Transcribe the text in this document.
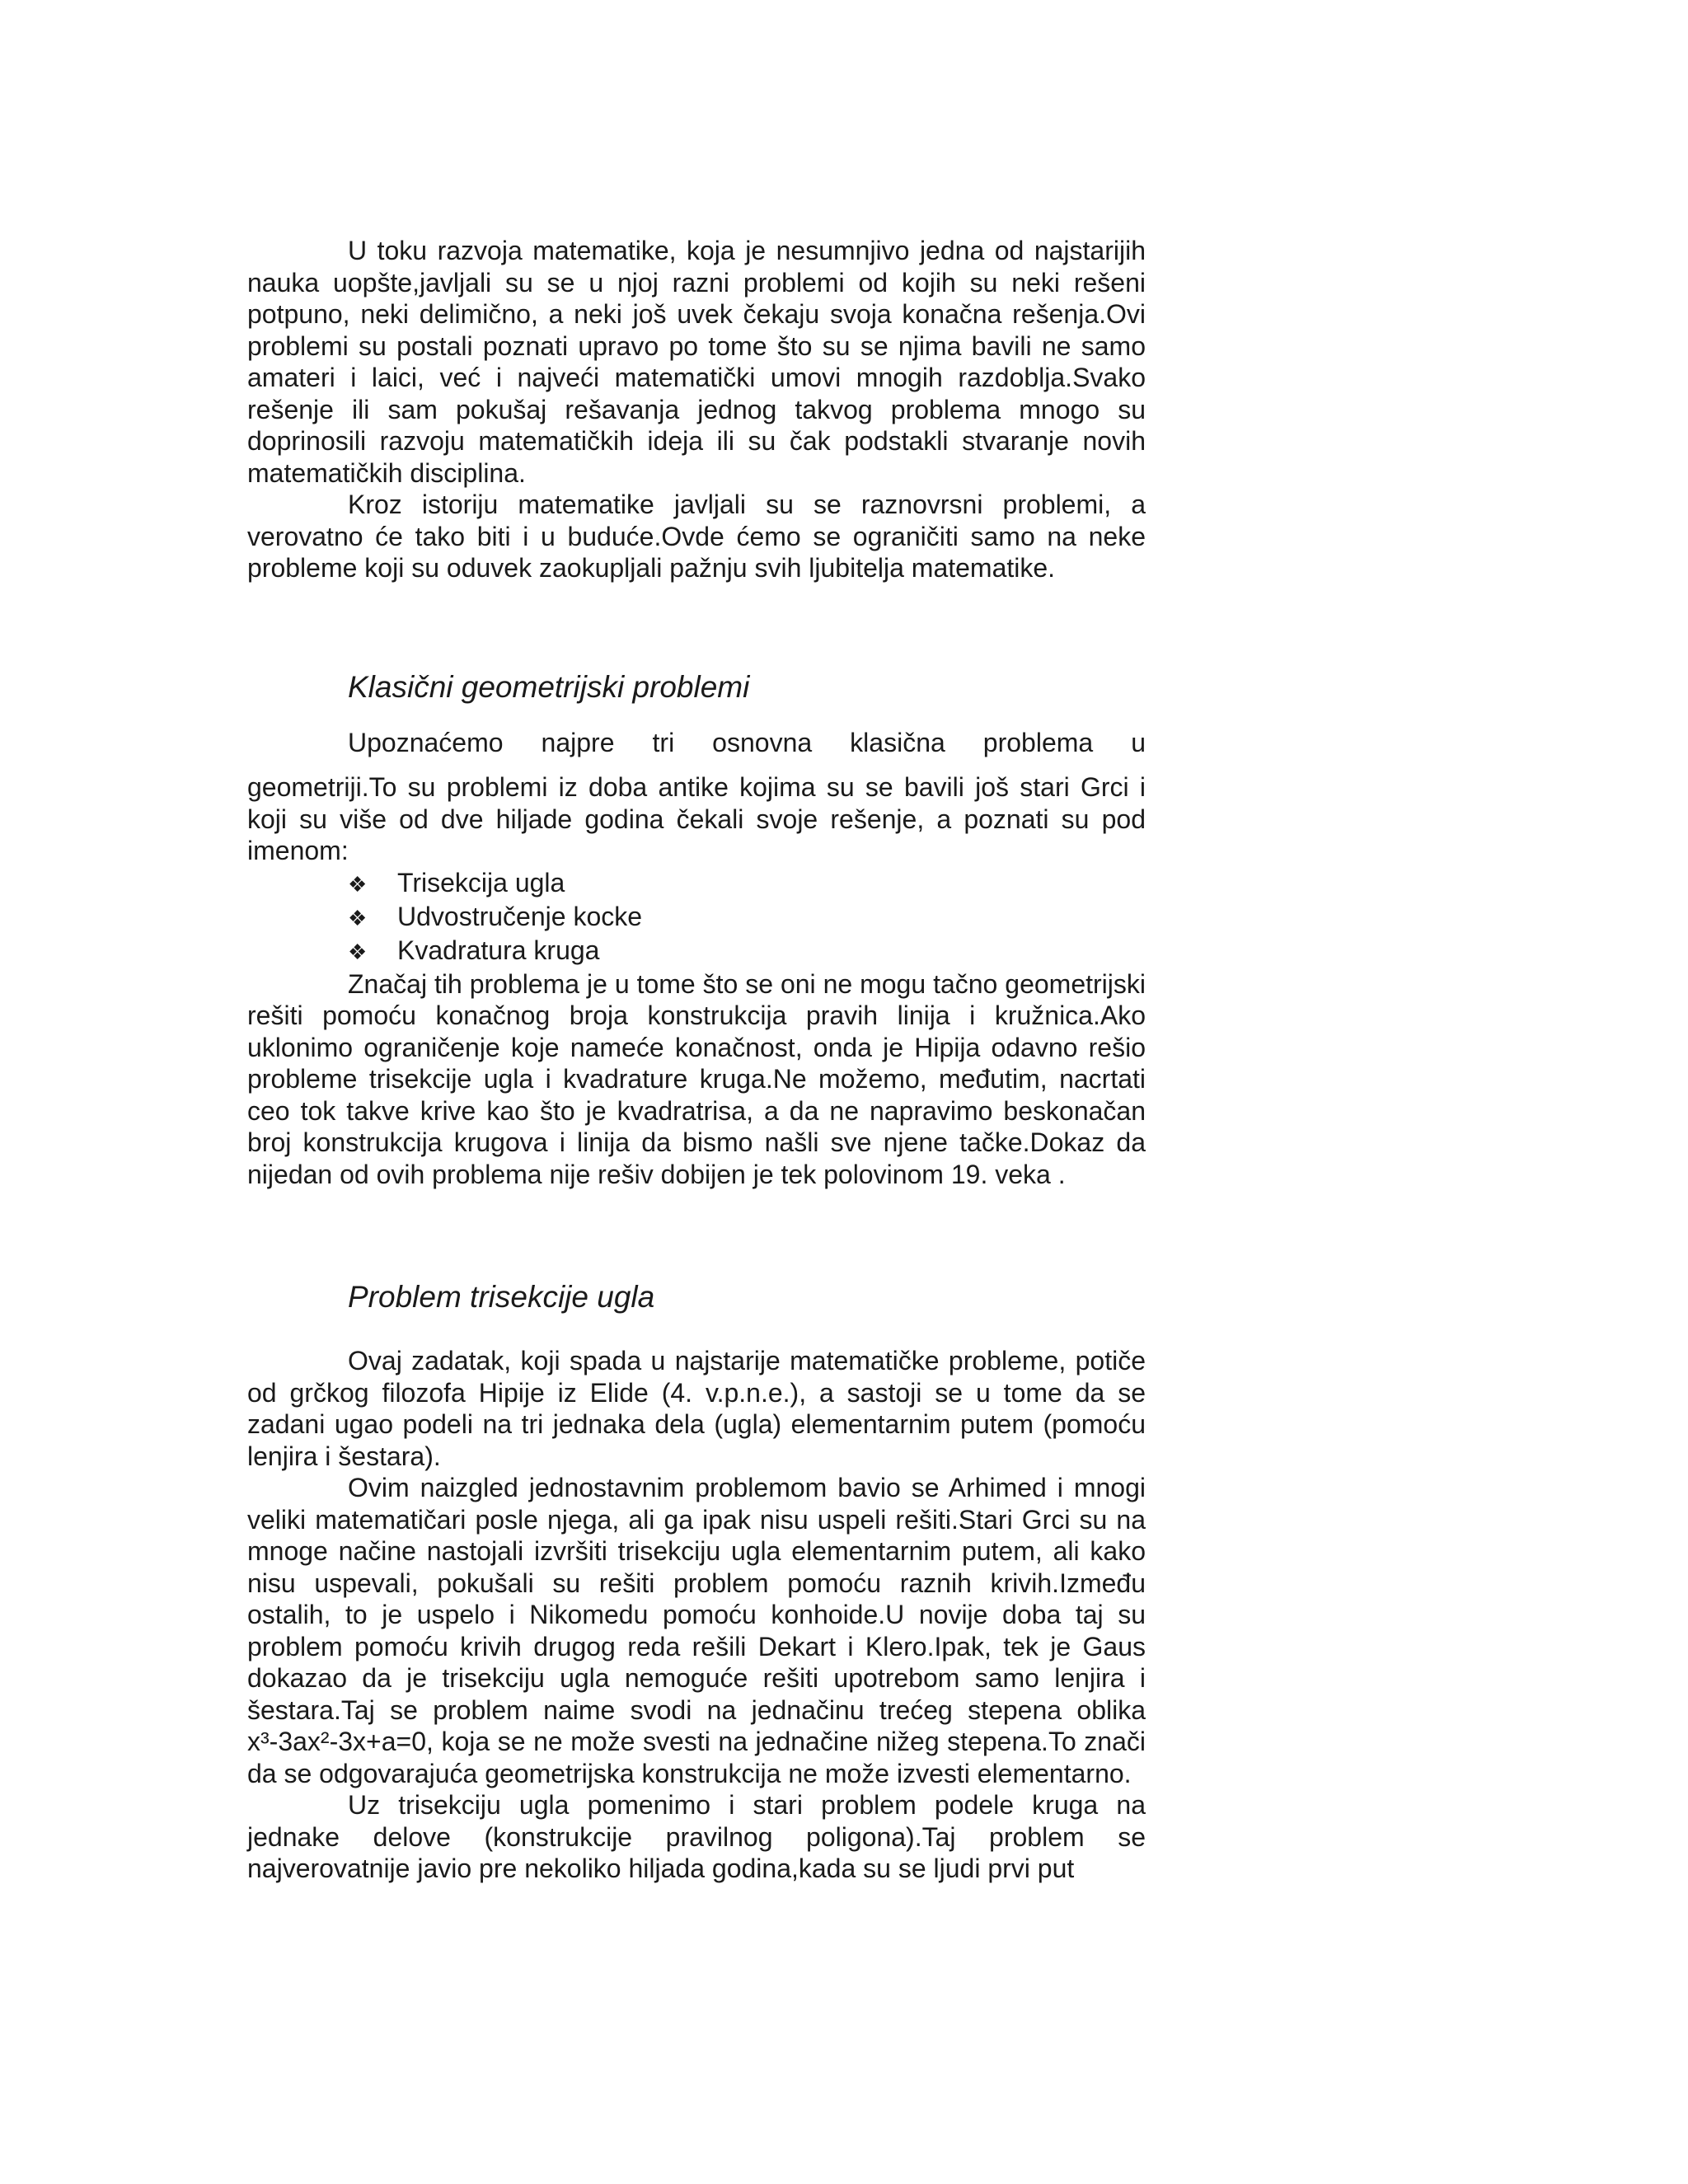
U toku razvoja matematike, koja je nesumnjivo jedna od najstarijih nauka uopšte,javljali su se u njoj razni problemi od kojih su neki rešeni potpuno, neki delimično, a neki još uvek čekaju svoja konačna rešenja.Ovi problemi su postali poznati upravo po tome što su se njima bavili ne samo amateri i laici, već i najveći matematički umovi mnogih razdoblja.Svako rešenje ili sam pokušaj rešavanja jednog takvog problema mnogo su doprinosili razvoju matematičkih ideja ili su čak podstakli stvaranje novih matematičkih disciplina.

Kroz istoriju matematike javljali su se raznovrsni problemi, a verovatno će tako biti i u buduće.Ovde ćemo se ograničiti samo na neke probleme koji su oduvek zaokupljali pažnju svih ljubitelja matematike.

Klasični geometrijski problemi
Upoznaćemo najpre tri osnovna klasična problema u

geometriji.To su problemi iz doba antike kojima su se bavili još stari Grci i koji su više od dve hiljade godina čekali svoje rešenje, a poznati su pod imenom:

❖	Trisekcija ugla
❖	Udvostručenje kocke
❖	Kvadratura kruga

Značaj tih problema je u tome što se oni ne mogu tačno geometrijski rešiti pomoću konačnog broja konstrukcija pravih linija i kružnica.Ako uklonimo ograničenje koje nameće konačnost, onda je Hipija odavno rešio probleme trisekcije ugla i kvadrature kruga.Ne možemo, međutim, nacrtati ceo tok takve krive kao što je kvadratrisa, a da ne napravimo beskonačan broj konstrukcija krugova i linija da bismo našli sve njene tačke.Dokaz da nijedan od ovih problema nije rešiv dobijen je tek polovinom 19. veka .

Problem trisekcije ugla

Ovaj zadatak, koji spada u najstarije matematičke probleme, potiče od grčkog filozofa Hipije iz Elide (4. v.p.n.e.), a sastoji se u tome da se zadani ugao podeli na tri jednaka dela (ugla) elementarnim putem (pomoću lenjira i šestara).

Ovim naizgled jednostavnim problemom bavio se Arhimed i mnogi veliki matematičari posle njega, ali ga ipak nisu uspeli rešiti.Stari Grci su na mnoge načine nastojali izvršiti trisekciju ugla elementarnim putem, ali kako nisu uspevali, pokušali su rešiti problem pomoću raznih krivih.Između ostalih, to je uspelo i Nikomedu pomoću konhoide.U novije doba taj su problem pomoću krivih drugog reda rešili Dekart i Klero.Ipak, tek je Gaus dokazao da je trisekciju ugla nemoguće rešiti upotrebom samo lenjira i šestara.Taj se problem naime svodi na jednačinu trećeg stepena oblika x³-3ax²-3x+a=0, koja se ne može svesti na jednačine nižeg stepena.To znači da se odgovarajuća geometrijska konstrukcija ne može izvesti elementarno.

Uz trisekciju ugla pomenimo i stari problem podele kruga na jednake delove (konstrukcije pravilnog poligona).Taj problem se najverovatnije javio pre nekoliko hiljada godina,kada su se ljudi prvi put
